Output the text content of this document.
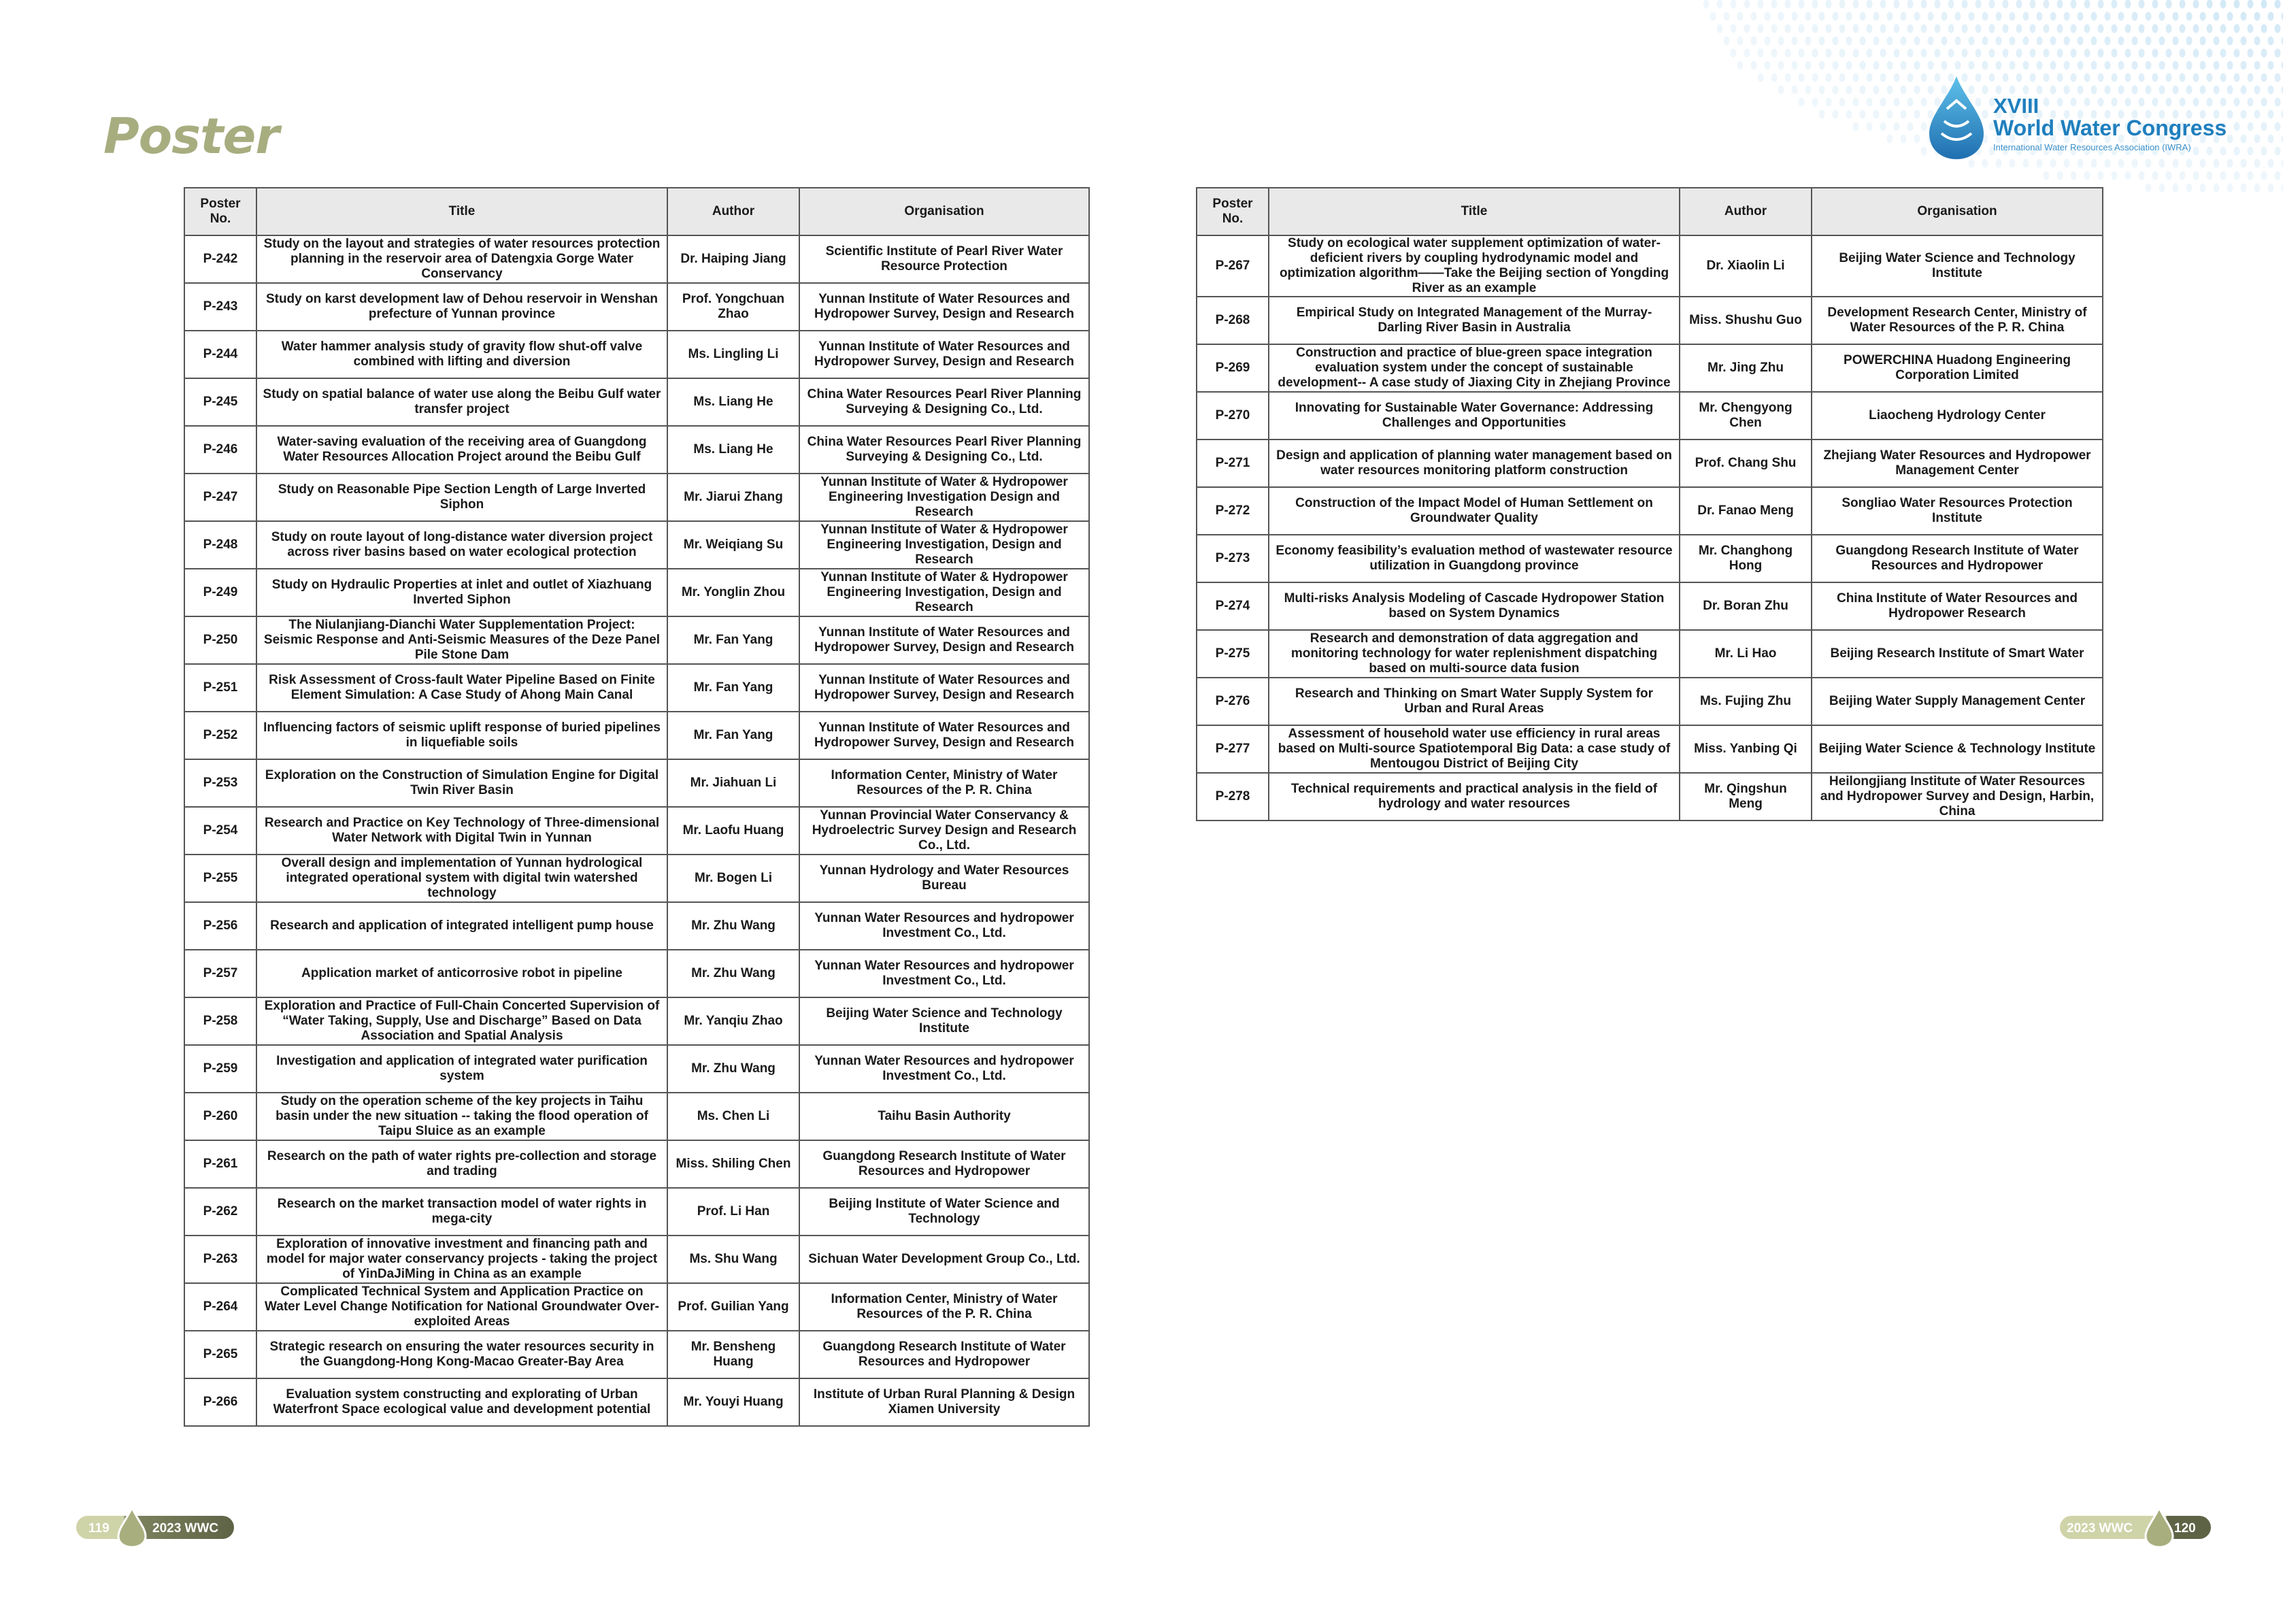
Poster
XVIII
World Water Congress
International Water Resources Association (IWRA)
Poster No.	Title	Author	Organisation
P-242	Study on the layout and strategies of water resources protection planning in the reservoir area of Datengxia Gorge Water Conservancy	Dr. Haiping Jiang	Scientific Institute of Pearl River Water Resource Protection
P-243	Study on karst development law of Dehou reservoir in Wenshan prefecture of Yunnan province	Prof. Yongchuan Zhao	Yunnan Institute of Water Resources and Hydropower Survey, Design and Research
P-244	Water hammer analysis study of gravity flow shut-off valve combined with lifting and diversion	Ms. Lingling Li	Yunnan Institute of Water Resources and Hydropower Survey, Design and Research
P-245	Study on spatial balance of water use along the Beibu Gulf water transfer project	Ms. Liang He	China Water Resources Pearl River Planning Surveying & Designing Co., Ltd.
P-246	Water-saving evaluation of the receiving area of Guangdong Water Resources Allocation Project around the Beibu Gulf	Ms. Liang He	China Water Resources Pearl River Planning Surveying & Designing Co., Ltd.
P-247	Study on Reasonable Pipe Section Length of Large Inverted Siphon	Mr. Jiarui Zhang	Yunnan Institute of Water & Hydropower Engineering Investigation Design and Research
P-248	Study on route layout of long-distance water diversion project across river basins based on water ecological protection	Mr. Weiqiang Su	Yunnan Institute of Water & Hydropower Engineering Investigation, Design and Research
P-249	Study on Hydraulic Properties at inlet and outlet of Xiazhuang Inverted Siphon	Mr. Yonglin Zhou	Yunnan Institute of Water & Hydropower Engineering Investigation, Design and Research
P-250	The Niulanjiang-Dianchi Water Supplementation Project: Seismic Response and Anti-Seismic Measures of the Deze Panel Pile Stone Dam	Mr. Fan Yang	Yunnan Institute of Water Resources and Hydropower Survey, Design and Research
P-251	Risk Assessment of Cross-fault Water Pipeline Based on Finite Element Simulation: A Case Study of Ahong Main Canal	Mr. Fan Yang	Yunnan Institute of Water Resources and Hydropower Survey, Design and Research
P-252	Influencing factors of seismic uplift response of buried pipelines in liquefiable soils	Mr. Fan Yang	Yunnan Institute of Water Resources and Hydropower Survey, Design and Research
P-253	Exploration on the Construction of Simulation Engine for Digital Twin River Basin	Mr. Jiahuan Li	Information Center, Ministry of Water Resources of the P. R. China
P-254	Research and Practice on Key Technology of Three-dimensional Water Network with Digital Twin in Yunnan	Mr. Laofu Huang	Yunnan Provincial Water Conservancy & Hydroelectric Survey Design and Research Co., Ltd.
P-255	Overall design and implementation of Yunnan hydrological integrated operational system with digital twin watershed technology	Mr. Bogen Li	Yunnan Hydrology and Water Resources Bureau
P-256	Research and application of integrated intelligent pump house	Mr. Zhu Wang	Yunnan Water Resources and hydropower Investment Co., Ltd.
P-257	Application market of anticorrosive robot in pipeline	Mr. Zhu Wang	Yunnan Water Resources and hydropower Investment Co., Ltd.
P-258	Exploration and Practice of Full-Chain Concerted Supervision of “Water Taking, Supply, Use and Discharge” Based on Data Association and Spatial Analysis	Mr. Yanqiu Zhao	Beijing Water Science and Technology Institute
P-259	Investigation and application of integrated water purification system	Mr. Zhu Wang	Yunnan Water Resources and hydropower Investment Co., Ltd.
P-260	Study on the operation scheme of the key projects in Taihu basin under the new situation -- taking the flood operation of Taipu Sluice as an example	Ms. Chen Li	Taihu Basin Authority
P-261	Research on the path of water rights pre-collection and storage and trading	Miss. Shiling Chen	Guangdong Research Institute of Water Resources and Hydropower
P-262	Research on the market transaction model of water rights in mega-city	Prof. Li Han	Beijing Institute of Water Science and Technology
P-263	Exploration of innovative investment and financing path and model for major water conservancy projects - taking the project of YinDaJiMing in China as an example	Ms. Shu Wang	Sichuan Water Development Group Co., Ltd.
P-264	Complicated Technical System and Application Practice on Water Level Change Notification for National Groundwater Over-exploited Areas	Prof. Guilian Yang	Information Center, Ministry of Water Resources of the P. R. China
P-265	Strategic research on ensuring the water resources security in the Guangdong-Hong Kong-Macao Greater-Bay Area	Mr. Bensheng Huang	Guangdong Research Institute of Water Resources and Hydropower
P-266	Evaluation system constructing and explorating of Urban Waterfront Space ecological value and development potential	Mr. Youyi Huang	Institute of Urban Rural Planning & Design Xiamen University
Poster No.	Title	Author	Organisation
P-267	Study on ecological water supplement optimization of water-deficient rivers by coupling hydrodynamic model and optimization algorithm——Take the Beijing section of Yongding River as an example	Dr. Xiaolin Li	Beijing Water Science and Technology Institute
P-268	Empirical Study on Integrated Management of the Murray-Darling River Basin in Australia	Miss. Shushu Guo	Development Research Center, Ministry of Water Resources of the P. R. China
P-269	Construction and practice of blue-green space integration evaluation system under the concept of sustainable development-- A case study of Jiaxing City in Zhejiang Province	Mr. Jing Zhu	POWERCHINA Huadong Engineering Corporation Limited
P-270	Innovating for Sustainable Water Governance: Addressing Challenges and Opportunities	Mr. Chengyong Chen	Liaocheng Hydrology Center
P-271	Design and application of planning water management based on water resources monitoring platform construction	Prof. Chang Shu	Zhejiang Water Resources and Hydropower Management Center
P-272	Construction of the Impact Model of Human Settlement on Groundwater Quality	Dr. Fanao Meng	Songliao Water Resources Protection Institute
P-273	Economy feasibility’s evaluation method of wastewater resource utilization in Guangdong province	Mr. Changhong Hong	Guangdong Research Institute of Water Resources and Hydropower
P-274	Multi-risks Analysis Modeling of Cascade Hydropower Station based on System Dynamics	Dr. Boran Zhu	China Institute of Water Resources and Hydropower Research
P-275	Research and demonstration of data aggregation and monitoring technology for water replenishment dispatching based on multi-source data fusion	Mr. Li Hao	Beijing Research Institute of Smart Water
P-276	Research and Thinking on Smart Water Supply System for Urban and Rural Areas	Ms. Fujing Zhu	Beijing Water Supply Management Center
P-277	Assessment of household water use efficiency in rural areas based on Multi-source Spatiotemporal Big Data: a case study of Mentougou District of Beijing City	Miss. Yanbing Qi	Beijing Water Science & Technology Institute
P-278	Technical requirements and practical analysis in the field of hydrology and water resources	Mr. Qingshun Meng	Heilongjiang Institute of Water Resources and Hydropower Survey and Design, Harbin, China
119	2023 WWC	2023 WWC	120
